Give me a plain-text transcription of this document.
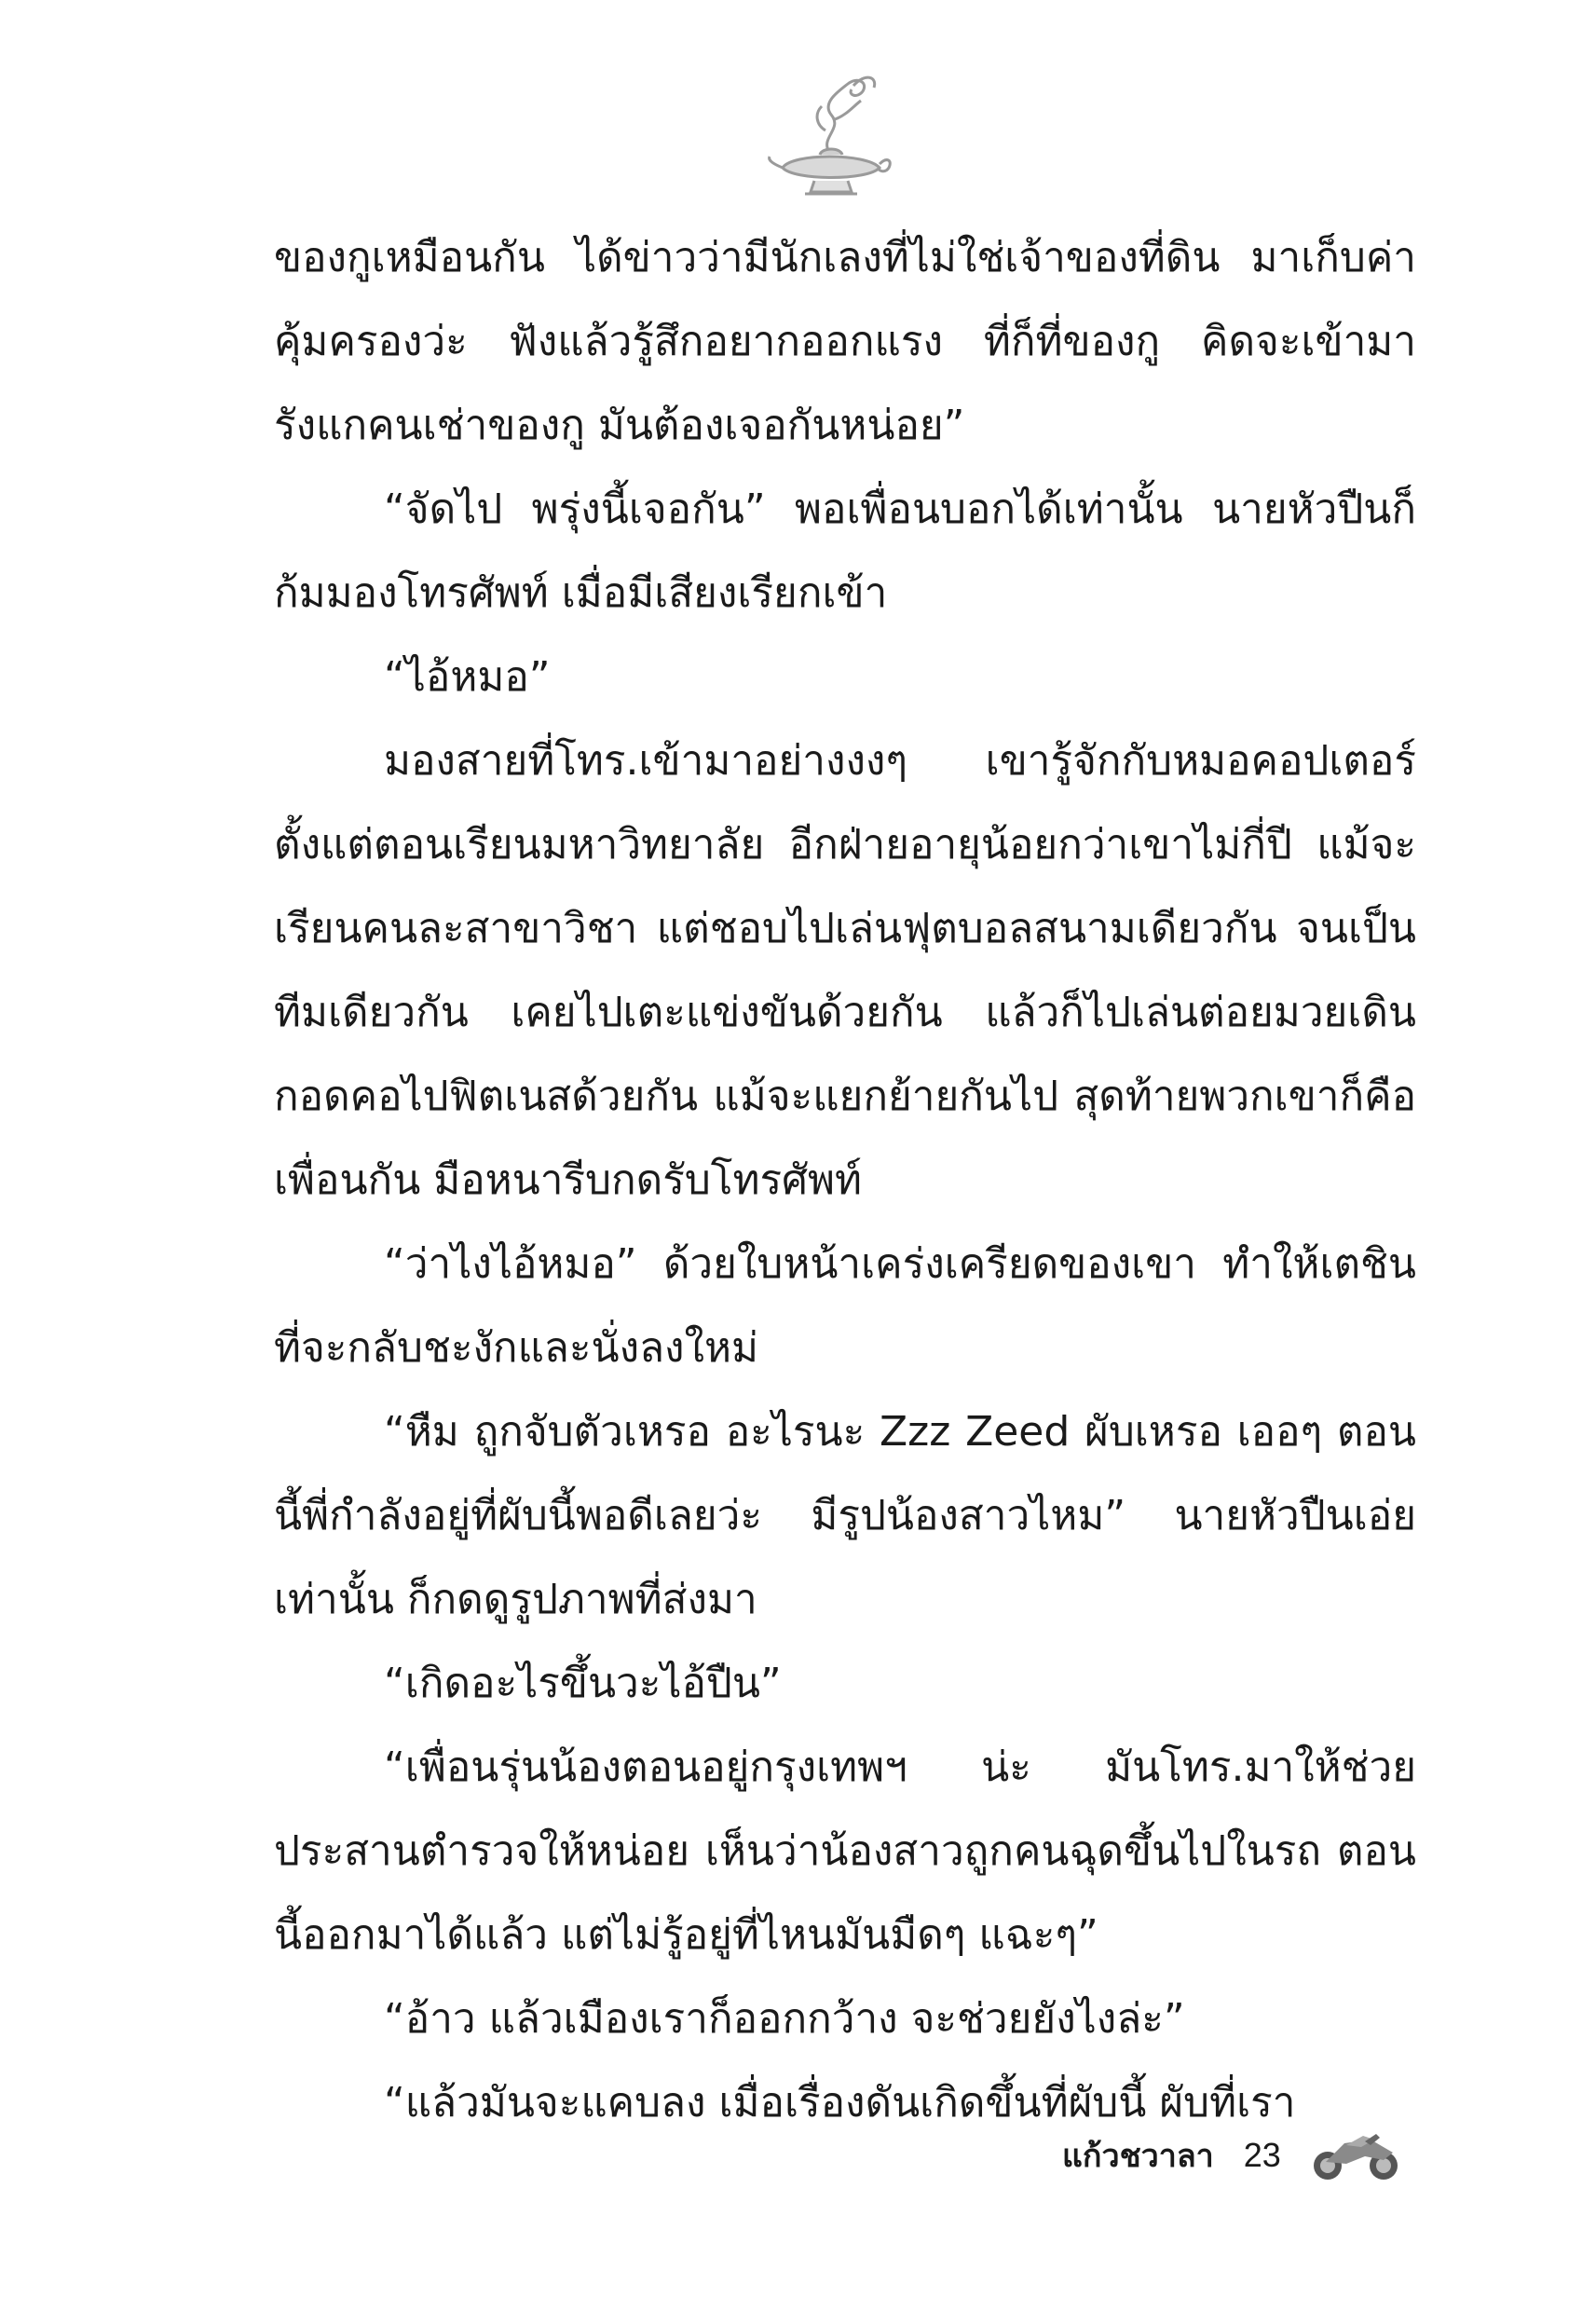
ของกูเหมือนกัน ได้ข่าวว่ามีนักเลงที่ไม่ใช่เจ้าของที่ดิน มาเก็บค่าคุ้มครองว่ะ ฟังแล้วรู้สึกอยากออกแรง ที่ก็ที่ของกู คิดจะเข้ามารังแกคนเช่าของกู มันต้องเจอกันหน่อย”

“จัดไป พรุ่งนี้เจอกัน” พอเพื่อนบอกได้เท่านั้น นายหัวปืนก็ก้มมองโทรศัพท์ เมื่อมีเสียงเรียกเข้า

“ไอ้หมอ”

มองสายที่โทร.เข้ามาอย่างงงๆ เขารู้จักกับหมอคอปเตอร์ตั้งแต่ตอนเรียนมหาวิทยาลัย อีกฝ่ายอายุน้อยกว่าเขาไม่กี่ปี แม้จะเรียนคนละสาขาวิชา แต่ชอบไปเล่นฟุตบอลสนามเดียวกัน จนเป็นทีมเดียวกัน เคยไปเตะแข่งขันด้วยกัน แล้วก็ไปเล่นต่อยมวยเดินกอดคอไปฟิตเนสด้วยกัน แม้จะแยกย้ายกันไป สุดท้ายพวกเขาก็คือเพื่อนกัน มือหนารีบกดรับโทรศัพท์

“ว่าไงไอ้หมอ” ด้วยใบหน้าเคร่งเครียดของเขา ทำให้เตชินที่จะกลับชะงักและนั่งลงใหม่

“หืม ถูกจับตัวเหรอ อะไรนะ Zzz Zeed ผับเหรอ เออๆ ตอนนี้พี่กำลังอยู่ที่ผับนี้พอดีเลยว่ะ มีรูปน้องสาวไหม” นายหัวปืนเอ่ยเท่านั้น ก็กดดูรูปภาพที่ส่งมา

“เกิดอะไรขึ้นวะไอ้ปืน”

“เพื่อนรุ่นน้องตอนอยู่กรุงเทพฯ น่ะ มันโทร.มาให้ช่วยประสานตำรวจให้หน่อย เห็นว่าน้องสาวถูกคนฉุดขึ้นไปในรถ ตอนนี้ออกมาได้แล้ว แต่ไม่รู้อยู่ที่ไหนมันมืดๆ แฉะๆ”

“อ้าว แล้วเมืองเราก็ออกกว้าง จะช่วยยังไงล่ะ”

“แล้วมันจะแคบลง เมื่อเรื่องดันเกิดขึ้นที่ผับนี้ ผับที่เรา

แก้วชวาลา 23
